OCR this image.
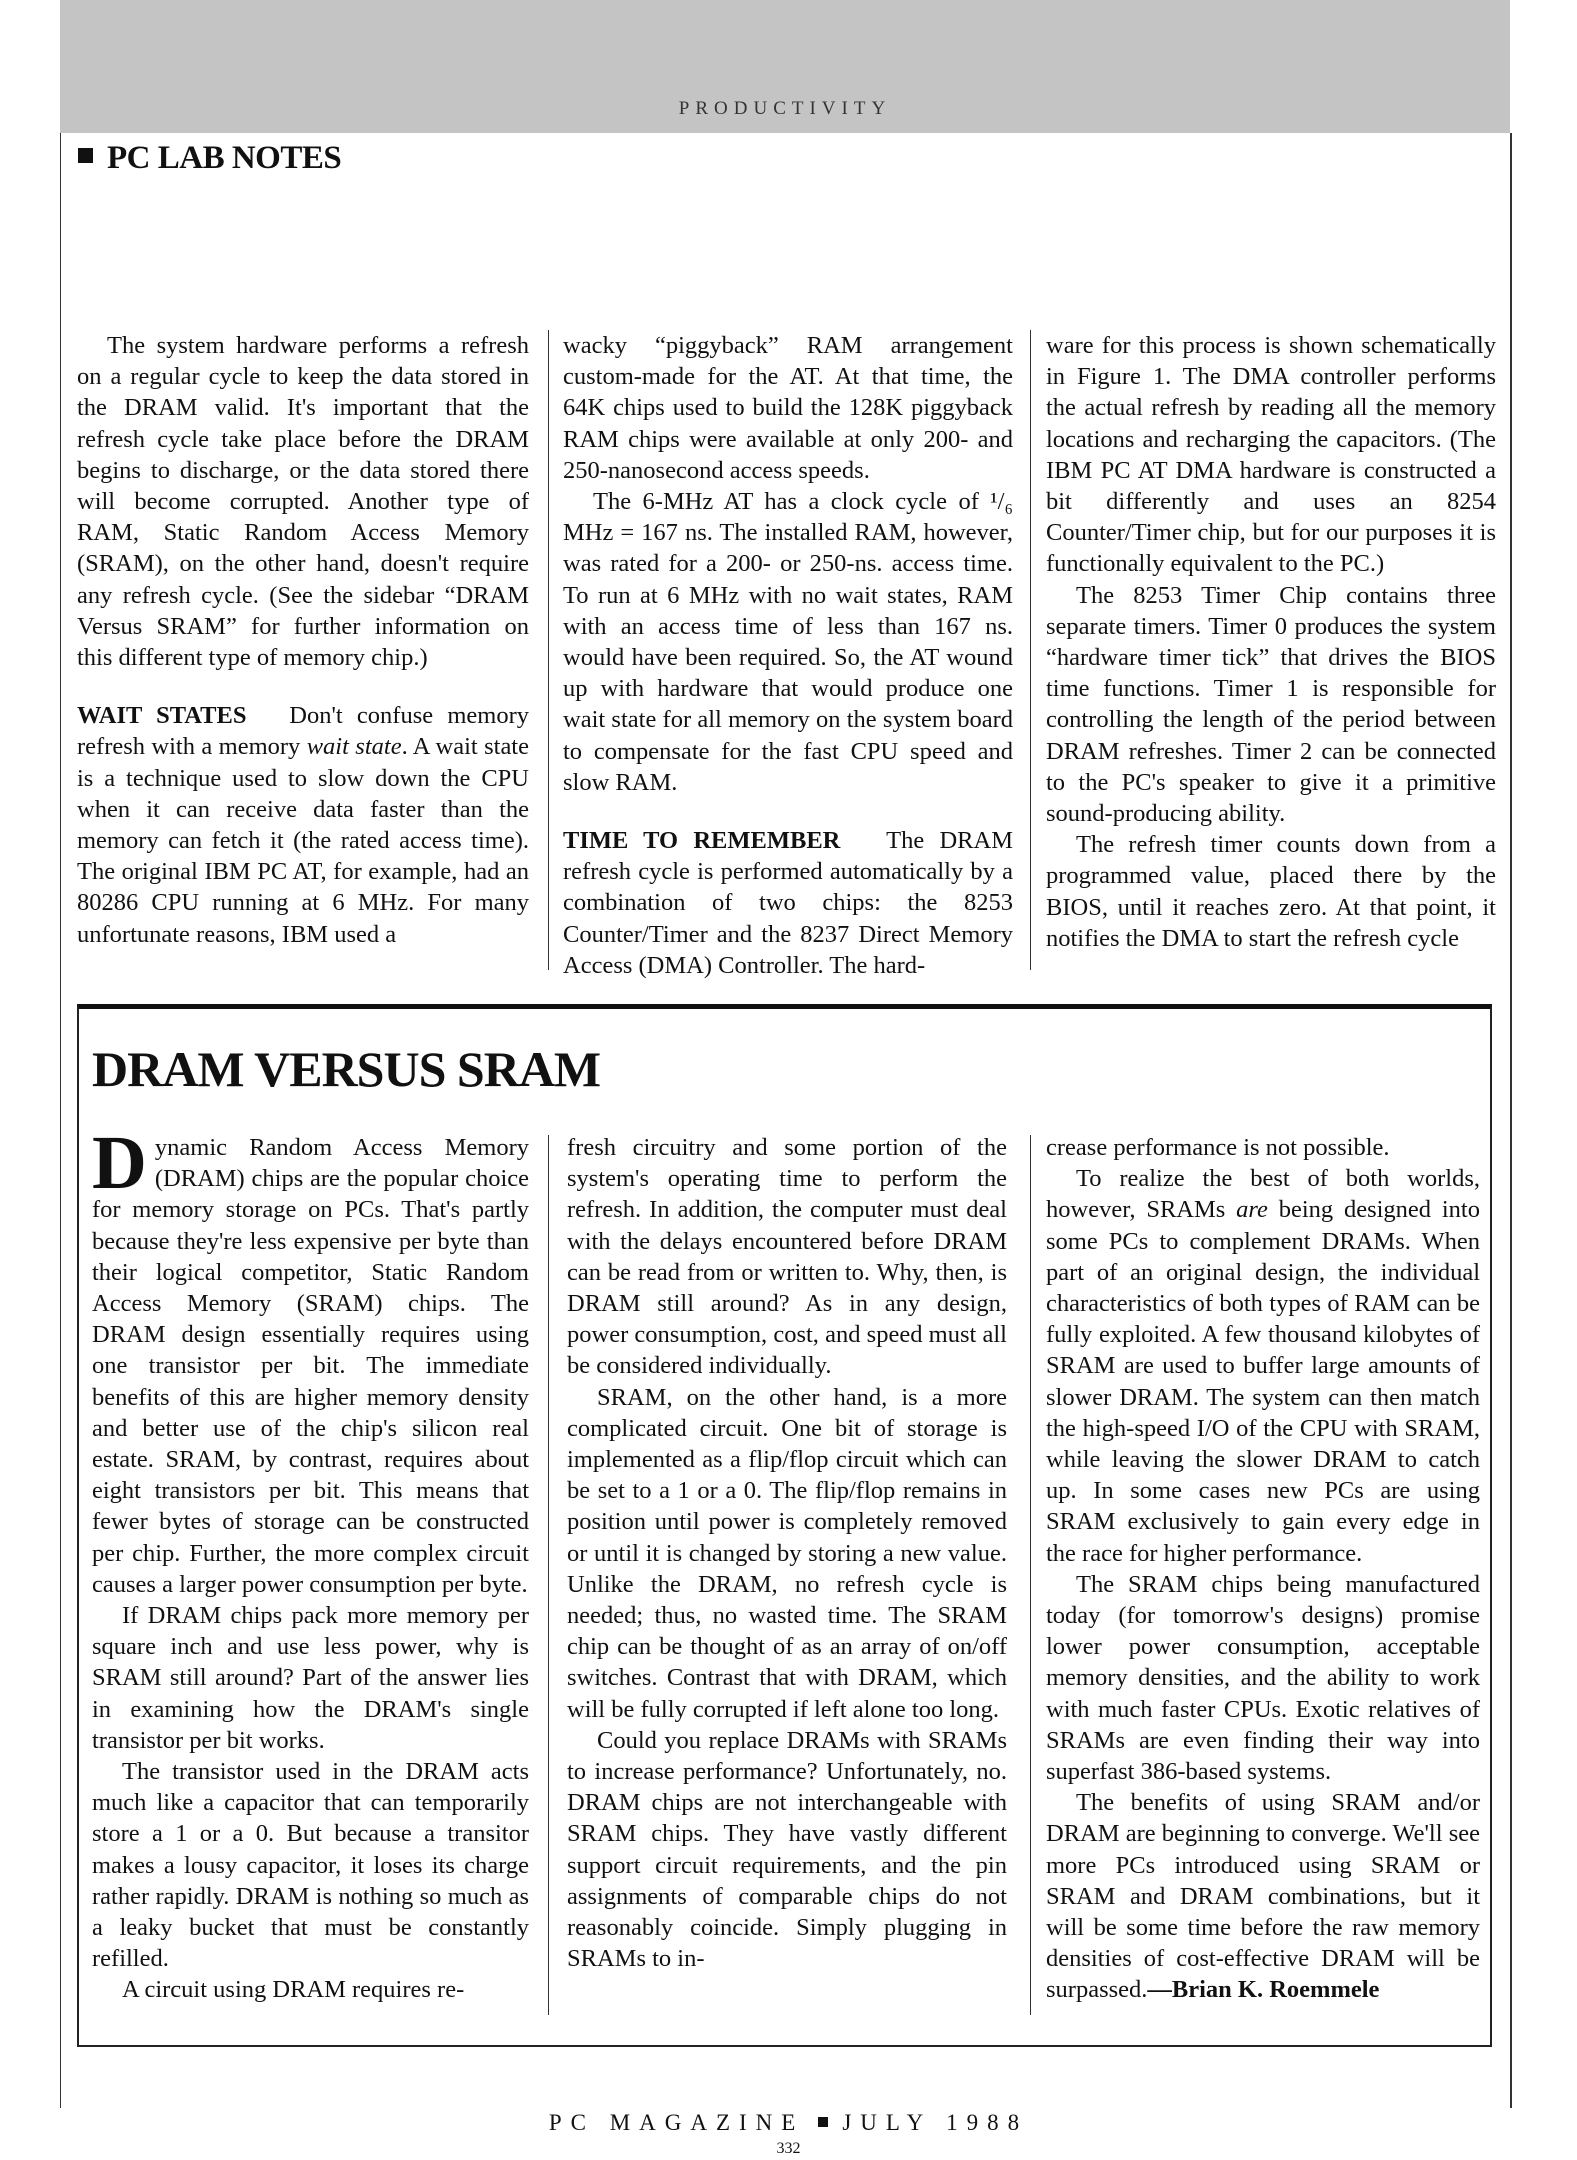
PRODUCTIVITY
PC LAB NOTES

The system hardware performs a refresh on a regular cycle to keep the data stored in the DRAM valid. It's important that the refresh cycle take place before the DRAM begins to discharge, or the data stored there will become corrupted. Another type of RAM, Static Random Access Memory (SRAM), on the other hand, doesn't require any refresh cycle. (See the sidebar “DRAM Versus SRAM” for further information on this different type of memory chip.)

WAIT STATES Don't confuse memory refresh with a memory wait state. A wait state is a technique used to slow down the CPU when it can receive data faster than the memory can fetch it (the rated access time). The original IBM PC AT, for example, had an 80286 CPU running at 6 MHz. For many unfortunate reasons, IBM used a

wacky “piggyback” RAM arrangement custom-made for the AT. At that time, the 64K chips used to build the 128K piggyback RAM chips were available at only 200- and 250-nanosecond access speeds.

The 6-MHz AT has a clock cycle of ¹/₆ MHz = 167 ns. The installed RAM, however, was rated for a 200- or 250-ns. access time. To run at 6 MHz with no wait states, RAM with an access time of less than 167 ns. would have been required. So, the AT wound up with hardware that would produce one wait state for all memory on the system board to compensate for the fast CPU speed and slow RAM.

TIME TO REMEMBER The DRAM refresh cycle is performed automatically by a combination of two chips: the 8253 Counter/Timer and the 8237 Direct Memory Access (DMA) Controller. The hard-

ware for this process is shown schematically in Figure 1. The DMA controller performs the actual refresh by reading all the memory locations and recharging the capacitors. (The IBM PC AT DMA hardware is constructed a bit differently and uses an 8254 Counter/Timer chip, but for our purposes it is functionally equivalent to the PC.)

The 8253 Timer Chip contains three separate timers. Timer 0 produces the system “hardware timer tick” that drives the BIOS time functions. Timer 1 is responsible for controlling the length of the period between DRAM refreshes. Timer 2 can be connected to the PC's speaker to give it a primitive sound-producing ability.

The refresh timer counts down from a programmed value, placed there by the BIOS, until it reaches zero. At that point, it notifies the DMA to start the refresh cycle

DRAM VERSUS SRAM

Dynamic Random Access Memory (DRAM) chips are the popular choice for memory storage on PCs. That's partly because they're less expensive per byte than their logical competitor, Static Random Access Memory (SRAM) chips. The DRAM design essentially requires using one transistor per bit. The immediate benefits of this are higher memory density and better use of the chip's silicon real estate. SRAM, by contrast, requires about eight transistors per bit. This means that fewer bytes of storage can be constructed per chip. Further, the more complex circuit causes a larger power consumption per byte.

If DRAM chips pack more memory per square inch and use less power, why is SRAM still around? Part of the answer lies in examining how the DRAM's single transistor per bit works.

The transistor used in the DRAM acts much like a capacitor that can temporarily store a 1 or a 0. But because a transitor makes a lousy capacitor, it loses its charge rather rapidly. DRAM is nothing so much as a leaky bucket that must be constantly refilled.

A circuit using DRAM requires re-

fresh circuitry and some portion of the system's operating time to perform the refresh. In addition, the computer must deal with the delays encountered before DRAM can be read from or written to. Why, then, is DRAM still around? As in any design, power consumption, cost, and speed must all be considered individually.

SRAM, on the other hand, is a more complicated circuit. One bit of storage is implemented as a flip/flop circuit which can be set to a 1 or a 0. The flip/flop remains in position until power is completely removed or until it is changed by storing a new value. Unlike the DRAM, no refresh cycle is needed; thus, no wasted time. The SRAM chip can be thought of as an array of on/off switches. Contrast that with DRAM, which will be fully corrupted if left alone too long.

Could you replace DRAMs with SRAMs to increase performance? Unfortunately, no. DRAM chips are not interchangeable with SRAM chips. They have vastly different support circuit requirements, and the pin assignments of comparable chips do not reasonably coincide. Simply plugging in SRAMs to in-

crease performance is not possible.

To realize the best of both worlds, however, SRAMs are being designed into some PCs to complement DRAMs. When part of an original design, the individual characteristics of both types of RAM can be fully exploited. A few thousand kilobytes of SRAM are used to buffer large amounts of slower DRAM. The system can then match the high-speed I/O of the CPU with SRAM, while leaving the slower DRAM to catch up. In some cases new PCs are using SRAM exclusively to gain every edge in the race for higher performance.

The SRAM chips being manufactured today (for tomorrow's designs) promise lower power consumption, acceptable memory densities, and the ability to work with much faster CPUs. Exotic relatives of SRAMs are even finding their way into superfast 386-based systems.

The benefits of using SRAM and/or DRAM are beginning to converge. We'll see more PCs introduced using SRAM or SRAM and DRAM combinations, but it will be some time before the raw memory densities of cost-effective DRAM will be surpassed.—Brian K. Roemmele

PC MAGAZINE JULY 1988
332
